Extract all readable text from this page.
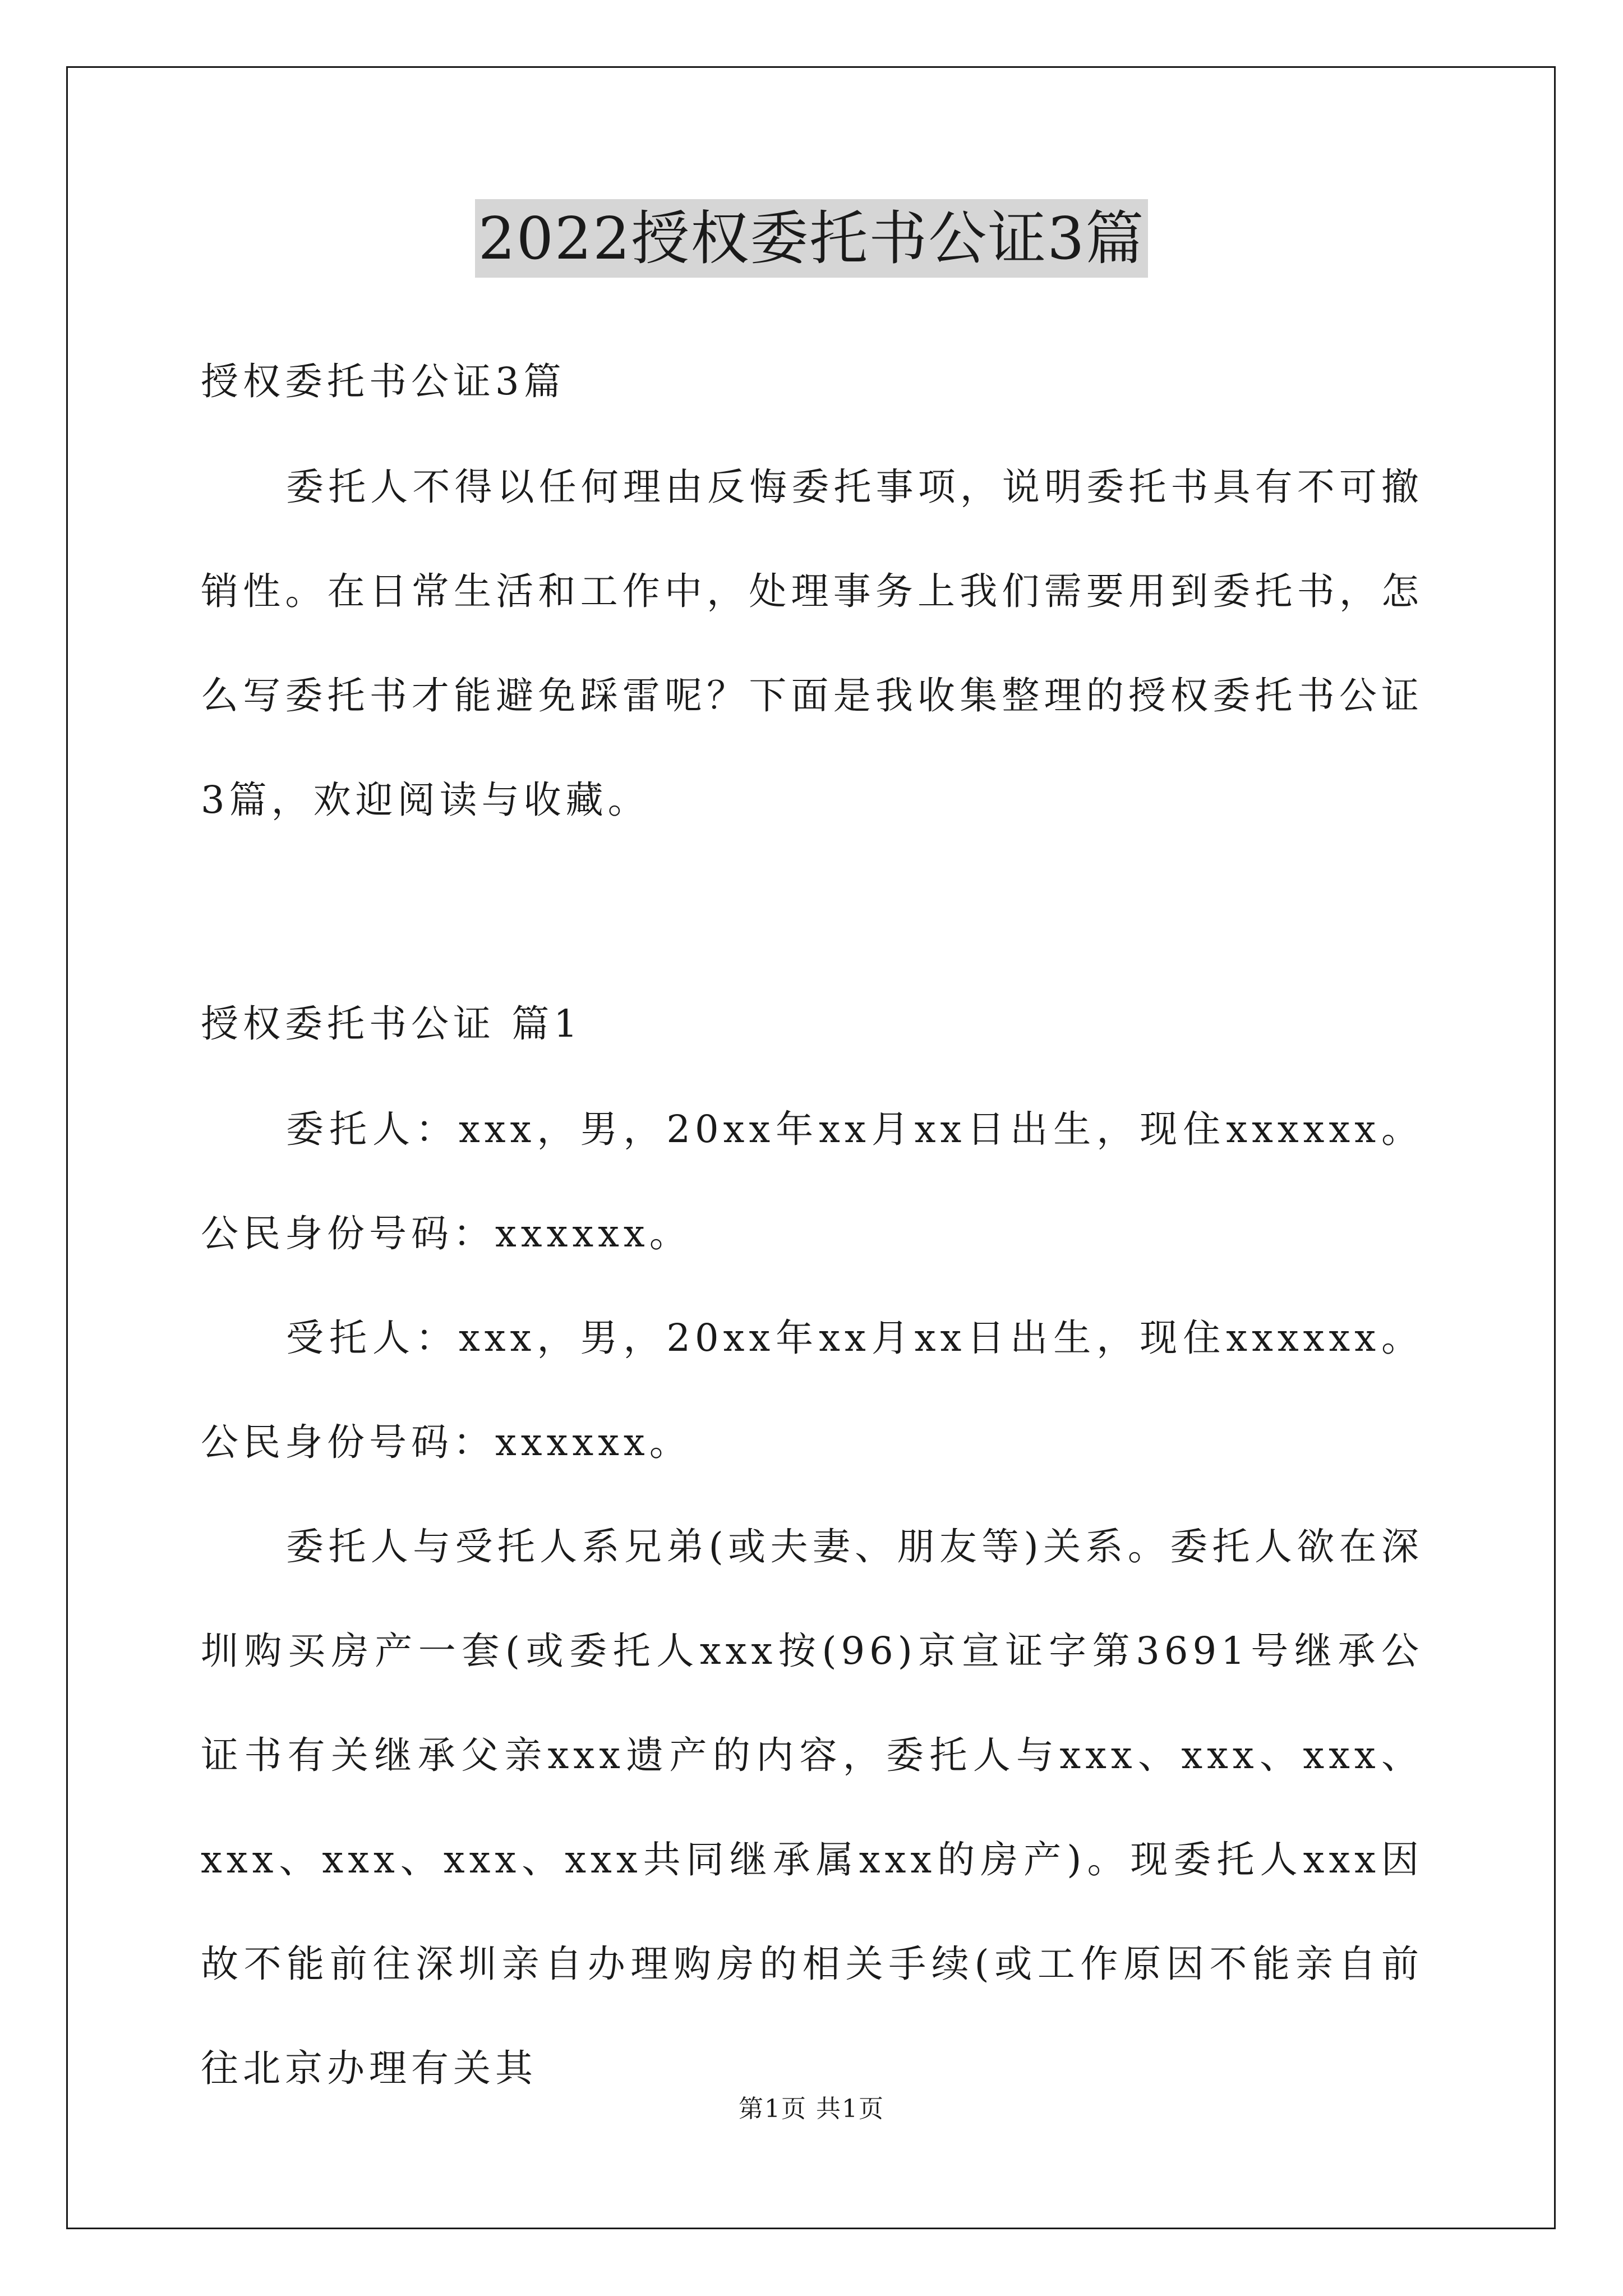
2022授权委托书公证3篇
授权委托书公证3篇

委托人不得以任何理由反悔委托事项，说明委托书具有不可撤销性。在日常生活和工作中，处理事务上我们需要用到委托书，怎么写委托书才能避免踩雷呢？下面是我收集整理的授权委托书公证3篇，欢迎阅读与收藏。

授权委托书公证 篇1

委托人：xxx，男，20xx年xx月xx日出生，现住xxxxxx。公民身份号码：xxxxxx。

受托人：xxx，男，20xx年xx月xx日出生，现住xxxxxx。公民身份号码：xxxxxx。

委托人与受托人系兄弟(或夫妻、朋友等)关系。委托人欲在深圳购买房产一套(或委托人xxx按(96)京宣证字第3691号继承公证书有关继承父亲xxx遗产的内容，委托人与xxx、xxx、xxx、xxx、xxx、xxx、xxx共同继承属xxx的房产)。现委托人xxx因故不能前往深圳亲自办理购房的相关手续(或工作原因不能亲自前往北京办理有关其

第1页 共1页
